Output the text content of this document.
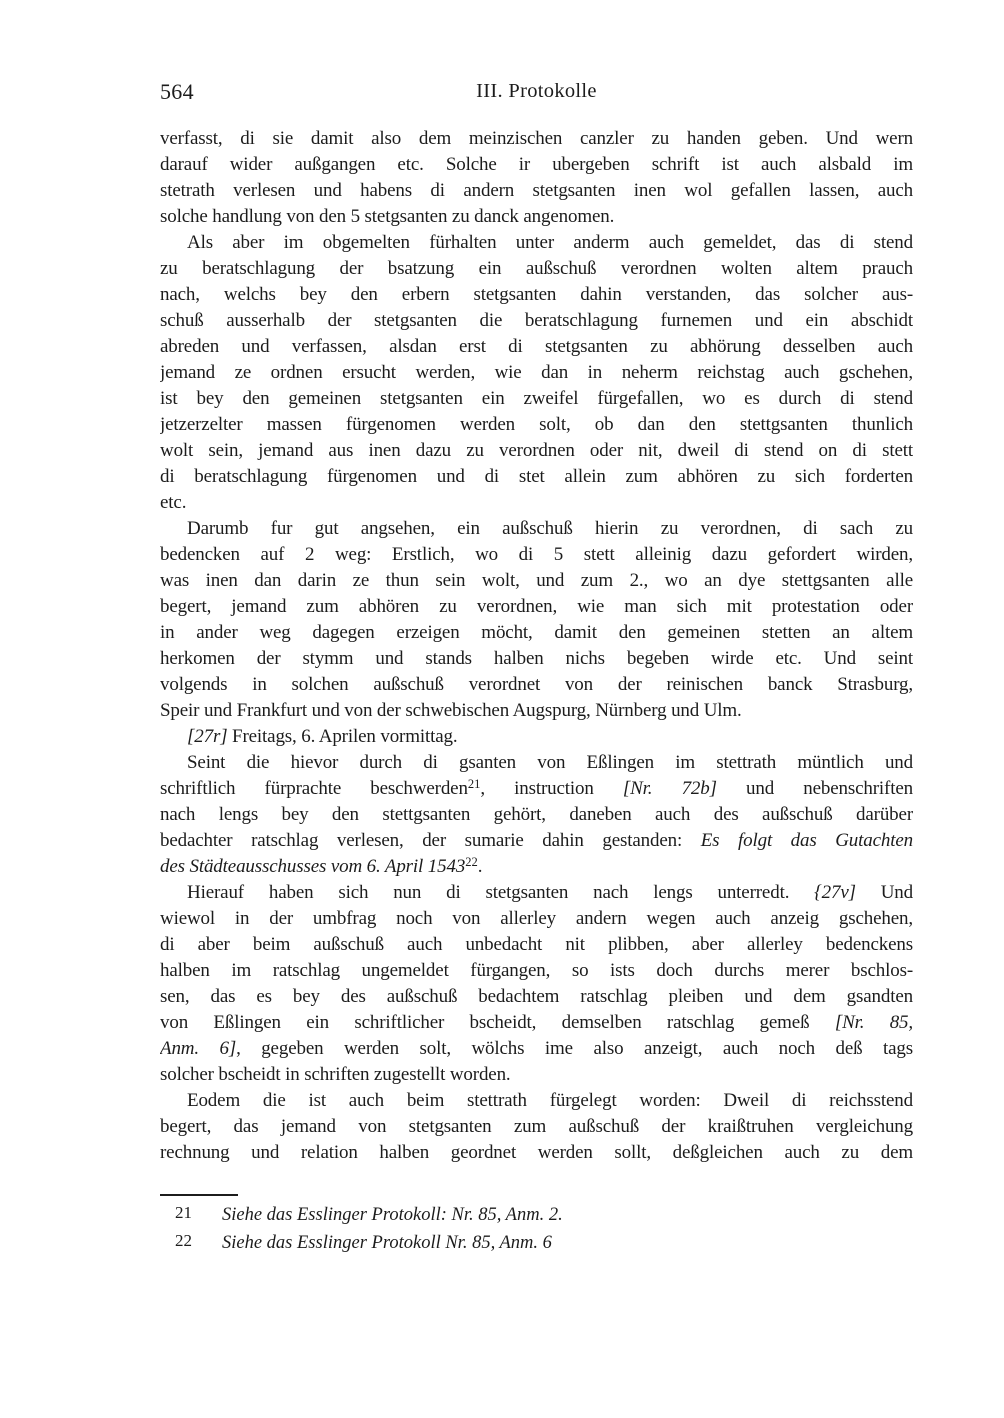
564	III. Protokolle
verfasst, di sie damit also dem meinzischen canzler zu handen geben. Und wern
darauf wider außgangen etc. Solche ir ubergeben schrift ist auch alsbald im
stetrath verlesen und habens di andern stetgsanten inen wol gefallen lassen, auch
solche handlung von den 5 stetgsanten zu danck angenomen.
Als aber im obgemelten fürhalten unter anderm auch gemeldet, das di stend
zu beratschlagung der bsatzung ein außschuß verordnen wolten altem prauch
nach, welchs bey den erbern stetgsanten dahin verstanden, das solcher aus-
schuß ausserhalb der stetgsanten die beratschlagung furnemen und ein abschidt
abreden und verfassen, alsdan erst di stetgsanten zu abhörung desselben auch
jemand ze ordnen ersucht werden, wie dan in neherm reichstag auch gschehen,
ist bey den gemeinen stetgsanten ein zweifel fürgefallen, wo es durch di stend
jetzerzelter massen fürgenomen werden solt, ob dan den stettgsanten thunlich
wolt sein, jemand aus inen dazu zu verordnen oder nit, dweil di stend on di stett
di beratschlagung fürgenomen und di stet allein zum abhören zu sich forderten
etc.
Darumb fur gut angsehen, ein außschuß hierin zu verordnen, di sach zu
bedencken auf 2 weg: Erstlich, wo di 5 stett alleinig dazu gefordert wirden,
was inen dan darin ze thun sein wolt, und zum 2., wo an dye stettgsanten alle
begert, jemand zum abhören zu verordnen, wie man sich mit protestation oder
in ander weg dagegen erzeigen möcht, damit den gemeinen stetten an altem
herkomen der stymm und stands halben nichs begeben wirde etc. Und seint
volgends in solchen außschuß verordnet von der reinischen banck Strasburg,
Speir und Frankfurt und von der schwebischen Augspurg, Nürnberg und Ulm.
[27r] Freitags, 6. Aprilen vormittag.
Seint die hievor durch di gsanten von Eßlingen im stettrath müntlich und
schriftlich fürprachte beschwerden$^{21}$, instruction [Nr. 72b] und nebenschriften
nach lengs bey den stettgsanten gehört, daneben auch des außschuß darüber
bedachter ratschlag verlesen, der sumarie dahin gestanden: Es folgt das Gutachten
des Städteausschusses vom 6. April 1543$^{22}$.
Hierauf haben sich nun di stetgsanten nach lengs unterredt. {27v] Und
wiewol in der umbfrag noch von allerley andern wegen auch anzeig gschehen,
di aber beim außschuß auch unbedacht nit plibben, aber allerley bedenckens
halben im ratschlag ungemeldet fürgangen, so ists doch durchs merer bschlos-
sen, das es bey des außschuß bedachtem ratschlag pleiben und dem gsandten
von Eßlingen ein schriftlicher bscheidt, demselben ratschlag gemeß [Nr. 85,
Anm. 6], gegeben werden solt, wölchs ime also anzeigt, auch noch deß tags
solcher bscheidt in schriften zugestellt worden.
Eodem die ist auch beim stettrath fürgelegt worden: Dweil di reichsstend
begert, das jemand von stetgsanten zum außschuß der kraißtruhen vergleichung
rechnung und relation halben geordnet werden sollt, deßgleichen auch zu dem
21 Siehe das Esslinger Protokoll: Nr. 85, Anm. 2.
22 Siehe das Esslinger Protokoll Nr. 85, Anm. 6
